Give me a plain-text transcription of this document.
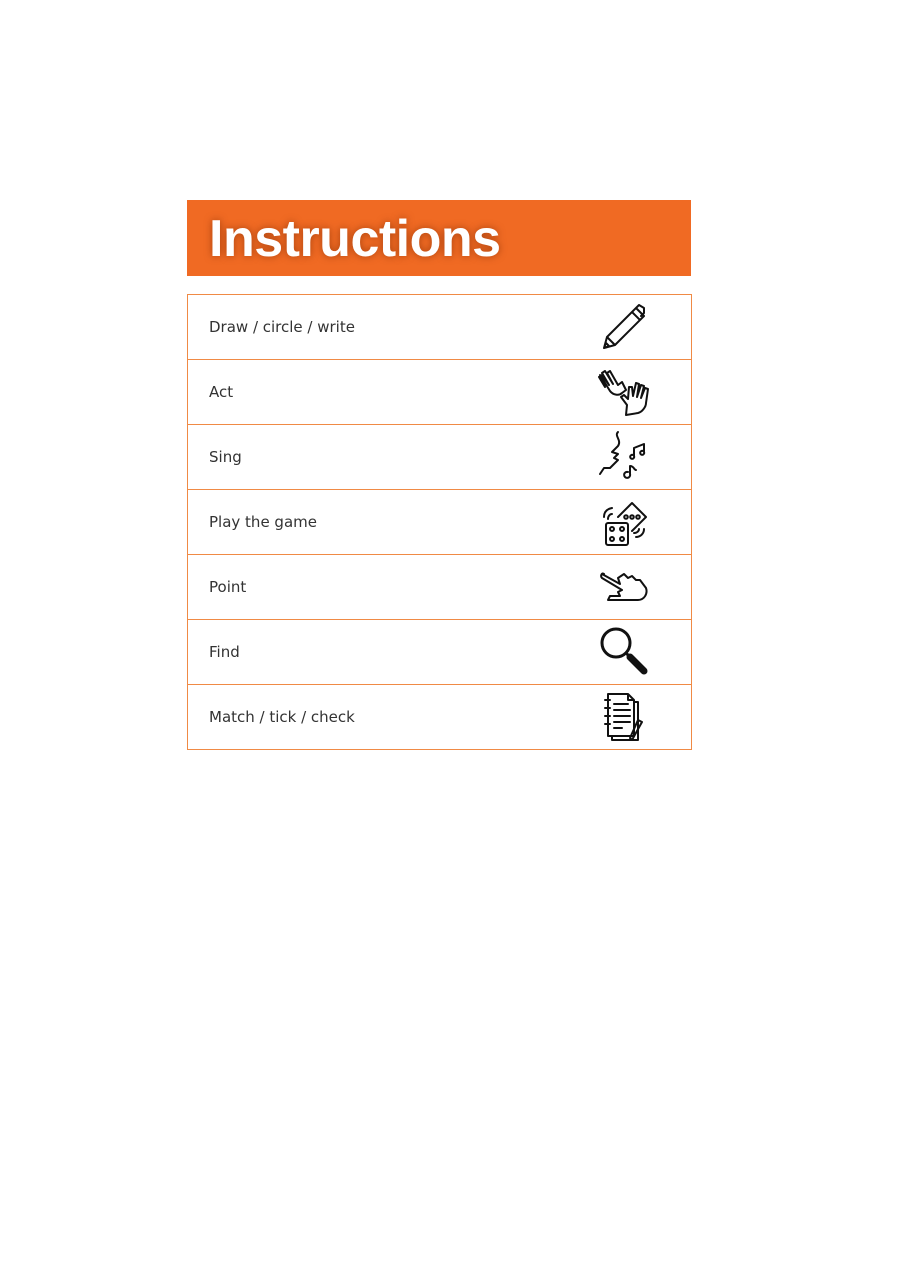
Instructions
Draw / circle / write
Act
Sing
Play the game
Point
Find
Match / tick / check
